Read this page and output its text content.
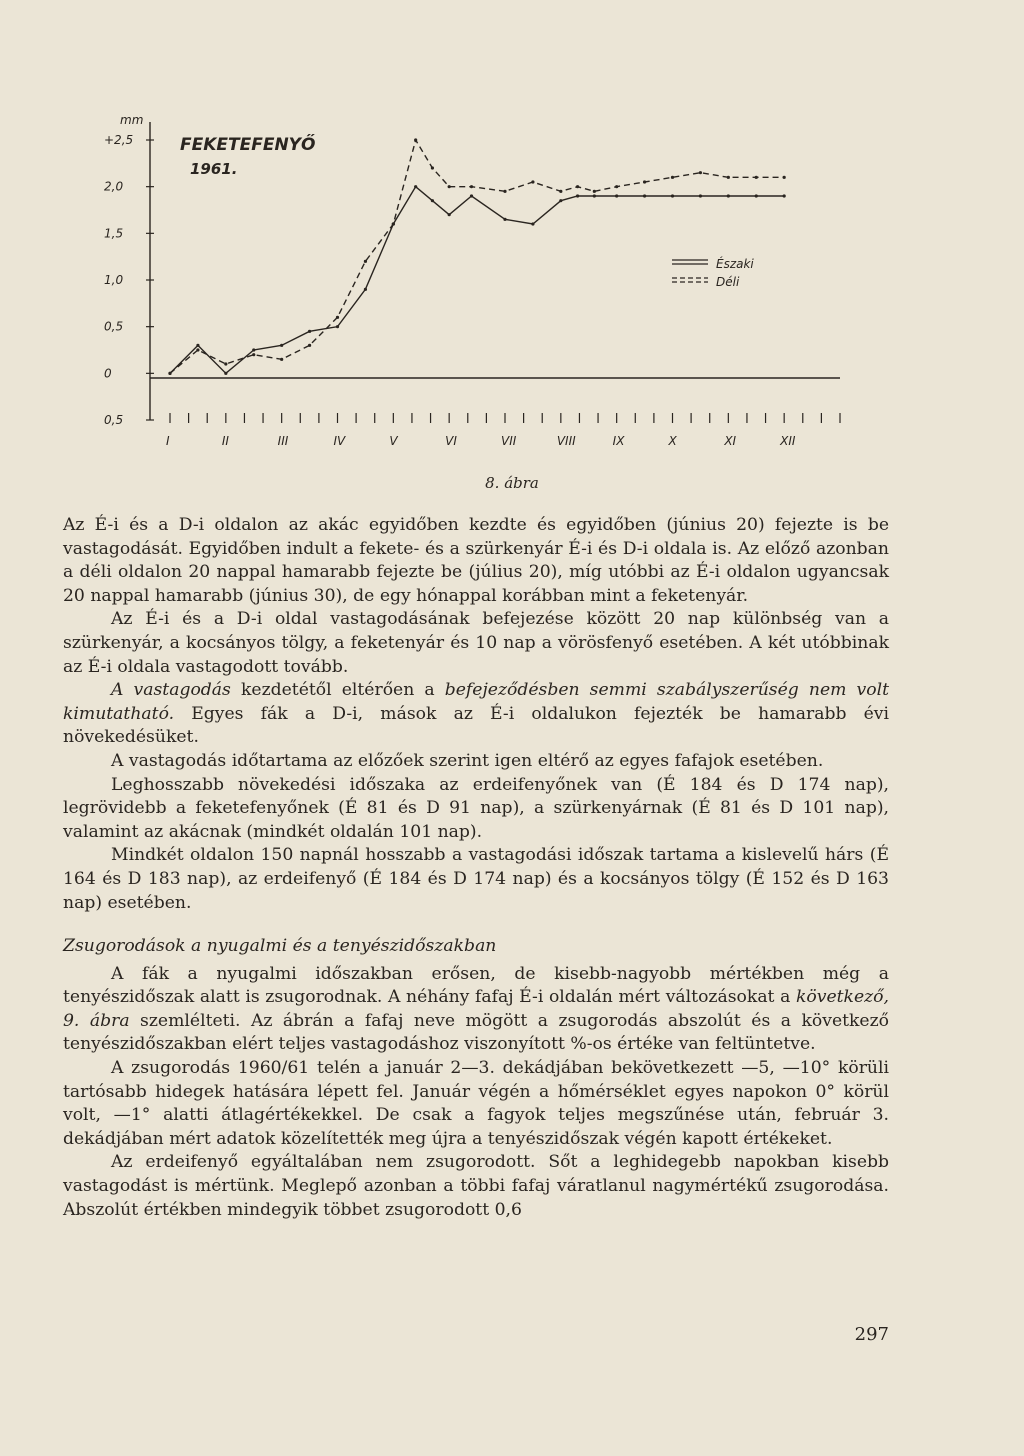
mm
FEKETEFENYŐ
1961.
+2,5
2,0
1,5
1,0
0,5
0
0,5
I	II	III	IV	V	VI	VII	VIII	IX	X	XI	XII
Északi
Déli
8. ábra

Az É-i és a D-i oldalon az akác egyidőben kezdte és egyidőben (június 20) fejezte is be vastagodását. Egyidőben indult a fekete- és a szürkenyár É-i és D-i oldala is. Az előző azonban a déli oldalon 20 nappal hamarabb fejezte be (július 20), míg utóbbi az É-i oldalon ugyancsak 20 nappal hamarabb (június 30), de egy hónappal korábban mint a feketenyár.

Az É-i és a D-i oldal vastagodásának befejezése között 20 nap különbség van a szürkenyár, a kocsányos tölgy, a feketenyár és 10 nap a vörösfenyő esetében. A két utóbbinak az É-i oldala vastagodott tovább.

A vastagodás kezdetétől eltérően a befejeződésben semmi szabályszerűség nem volt kimutatható. Egyes fák a D-i, mások az É-i oldalukon fejezték be hamarabb évi növekedésüket.

A vastagodás időtartama az előzőek szerint igen eltérő az egyes fafajok esetében.

Leghosszabb növekedési időszaka az erdeifenyőnek van (É 184 és D 174 nap), legrövidebb a feketefenyőnek (É 81 és D 91 nap), a szürkenyárnak (É 81 és D 101 nap), valamint az akácnak (mindkét oldalán 101 nap).

Mindkét oldalon 150 napnál hosszabb a vastagodási időszak tartama a kislevelű hárs (É 164 és D 183 nap), az erdeifenyő (É 184 és D 174 nap) és a kocsányos tölgy (É 152 és D 163 nap) esetében.

Zsugorodások a nyugalmi és a tenyészidőszakban

A fák a nyugalmi időszakban erősen, de kisebb-nagyobb mértékben még a tenyészidőszak alatt is zsugorodnak. A néhány fafaj É-i oldalán mért változásokat a következő, 9. ábra szemlélteti. Az ábrán a fafaj neve mögött a zsugorodás abszolút és a következő tenyészidőszakban elért teljes vastagodáshoz viszonyított %-os értéke van feltüntetve.

A zsugorodás 1960/61 telén a január 2—3. dekádjában bekövetkezett —5, —10° körüli tartósabb hidegek hatására lépett fel. Január végén a hőmérséklet egyes napokon 0° körül volt, —1° alatti átlagértékekkel. De csak a fagyok teljes megszűnése után, február 3. dekádjában mért adatok közelítették meg újra a tenyészidőszak végén kapott értékeket.

Az erdeifenyő egyáltalában nem zsugorodott. Sőt a leghidegebb napokban kisebb vastagodást is mértünk. Meglepő azonban a többi fafaj váratlanul nagymértékű zsugorodása. Abszolút értékben mindegyik többet zsugorodott 0,6

297
